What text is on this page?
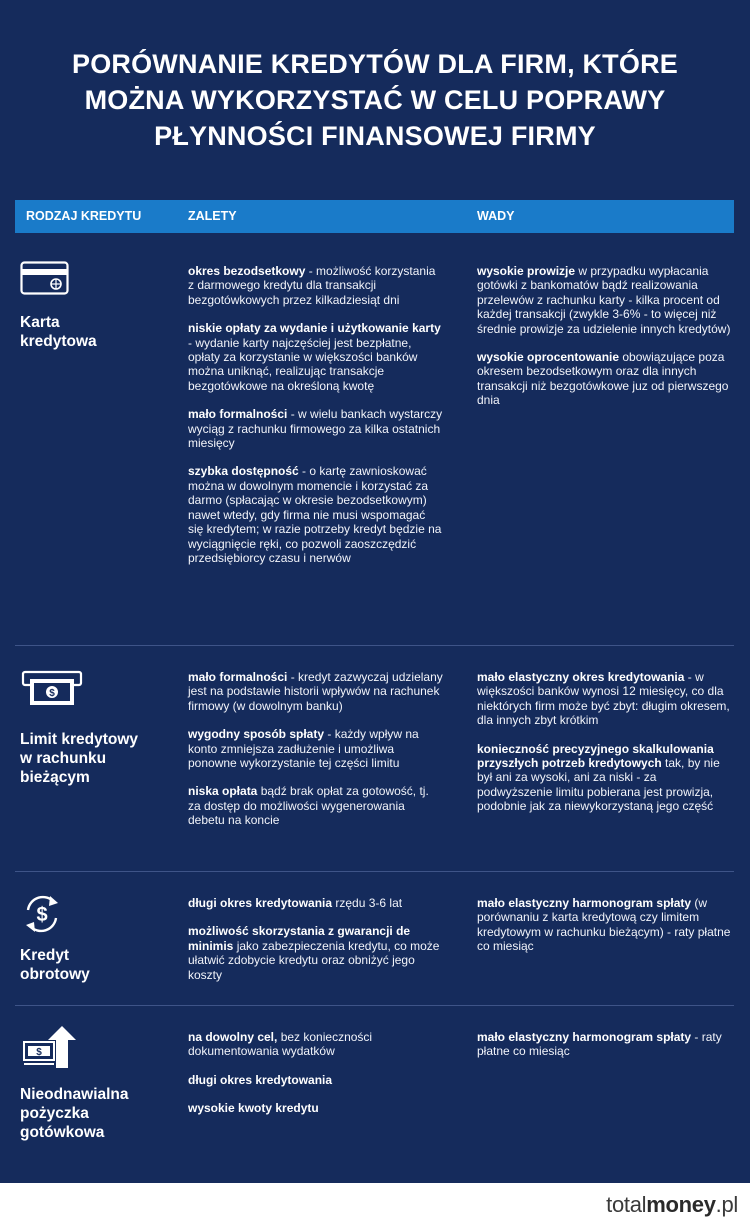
PORÓWNANIE KREDYTÓW DLA FIRM, KTÓRE
MOŻNA WYKORZYSTAĆ W CELU POPRAWY
PŁYNNOŚCI FINANSOWEJ FIRMY
RODZAJ KREDYTU	ZALETY	WADY
Karta
kredytowa

okres bezodsetkowy - możliwość korzystania z darmowego kredytu dla transakcji bezgotówkowych przez kilkadziesiąt dni

niskie opłaty za wydanie i użytkowanie karty - wydanie karty najczęściej jest bezpłatne, opłaty za korzystanie w większości banków można uniknąć, realizując transakcje bezgotówkowe na określoną kwotę

mało formalności - w wielu bankach wystarczy wyciąg z rachunku firmowego za kilka ostatnich miesięcy

szybka dostępność - o kartę zawnioskować można w dowolnym momencie i korzystać za darmo (spłacając w okresie bezodsetkowym) nawet wtedy, gdy firma nie musi wspomagać się kredytem; w razie potrzeby kredyt będzie na wyciągnięcie ręki, co pozwoli zaoszczędzić przedsiębiorcy czasu i nerwów

wysokie prowizje w przypadku wypłacania gotówki z bankomatów bądź realizowania przelewów z rachunku karty - kilka procent od każdej transakcji (zwykle 3-6% - to więcej niż średnie prowizje za udzielenie innych kredytów)

wysokie oprocentowanie obowiązujące poza okresem bezodsetkowym oraz dla innych transakcji niż bezgotówkowe juz od pierwszego dnia

$
Limit kredytowy
w rachunku
bieżącym

mało formalności - kredyt zazwyczaj udzielany jest na podstawie historii wpływów na rachunek firmowy (w dowolnym banku)

wygodny sposób spłaty - każdy wpływ na konto zmniejsza zadłużenie i umożliwa ponowne wykorzystanie tej części limitu

niska opłata bądź brak opłat za gotowość, tj. za dostęp do możliwości wygenerowania debetu na koncie

mało elastyczny okres kredytowania - w większości banków wynosi 12 miesięcy, co dla niektórych firm może być zbyt: długim okresem, dla innych zbyt krótkim

konieczność precyzyjnego skalkulowania przyszłych potrzeb kredytowych tak, by nie był ani za wysoki, ani za niski - za podwyższenie limitu pobierana jest prowizja, podobnie jak za niewykorzystaną jego część

$
Kredyt
obrotowy

długi okres kredytowania rzędu 3-6 lat

możliwość skorzystania z gwarancji de minimis jako zabezpieczenia kredytu, co może ułatwić zdobycie kredytu oraz obniżyć jego koszty

mało elastyczny harmonogram spłaty (w porównaniu z karta kredytową czy limitem kredytowym w rachunku bieżącym) - raty płatne co miesiąc

$
Nieodnawialna
pożyczka
gotówkowa

na dowolny cel, bez konieczności dokumentowania wydatków

długi okres kredytowania

wysokie kwoty kredytu

mało elastyczny harmonogram spłaty - raty płatne co miesiąc

totalmoney.pl
